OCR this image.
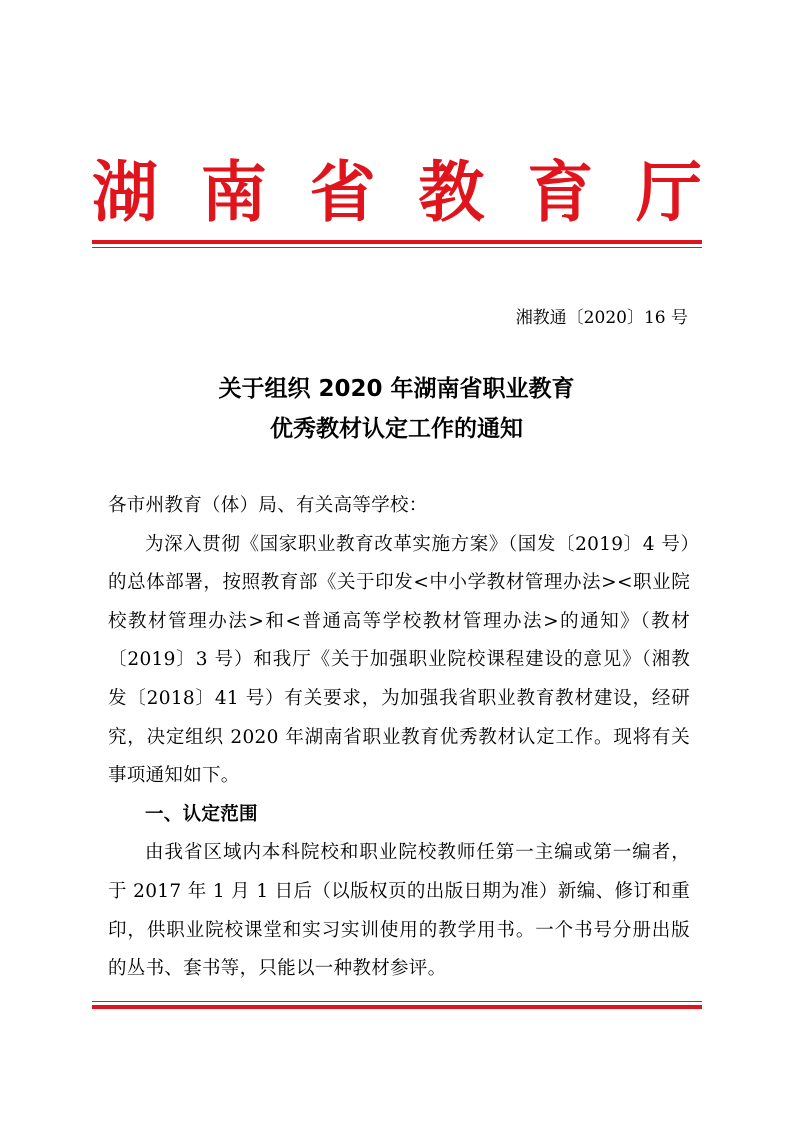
湖 南 省 教 育 厅
湘教通〔2020〕16 号
关于组织 2020 年湖南省职业教育
优秀教材认定工作的通知

各市州教育（体）局、有关高等学校：

为深入贯彻《国家职业教育改革实施方案》（国发〔2019〕4 号）的总体部署，按照教育部《关于印发<中小学教材管理办法><职业院校教材管理办法>和<普通高等学校教材管理办法>的通知》（教材〔2019〕3 号）和我厅《关于加强职业院校课程建设的意见》（湘教发〔2018〕41 号）有关要求，为加强我省职业教育教材建设，经研究，决定组织 2020 年湖南省职业教育优秀教材认定工作。现将有关事项通知如下。

一、认定范围

由我省区域内本科院校和职业院校教师任第一主编或第一编者，于 2017 年 1 月 1 日后（以版权页的出版日期为准）新编、修订和重印，供职业院校课堂和实习实训使用的教学用书。一个书号分册出版的丛书、套书等，只能以一种教材参评。
